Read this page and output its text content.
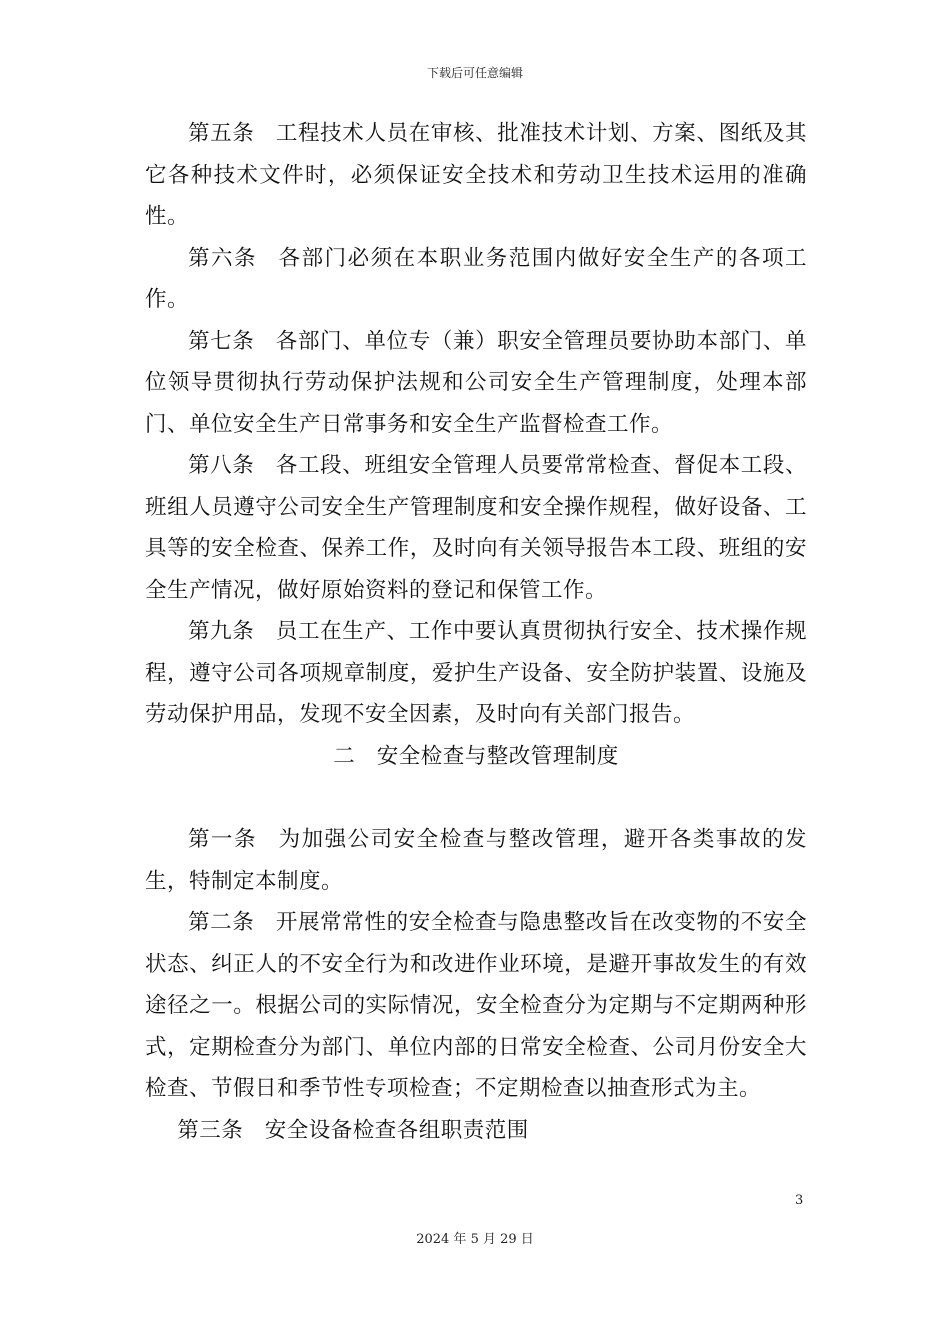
下载后可任意编辑

第五条 工程技术人员在审核、批准技术计划、方案、图纸及其它各种技术文件时，必须保证安全技术和劳动卫生技术运用的准确性。

第六条 各部门必须在本职业务范围内做好安全生产的各项工作。

第七条 各部门、单位专（兼）职安全管理员要协助本部门、单位领导贯彻执行劳动保护法规和公司安全生产管理制度，处理本部门、单位安全生产日常事务和安全生产监督检查工作。

第八条 各工段、班组安全管理人员要常常检查、督促本工段、班组人员遵守公司安全生产管理制度和安全操作规程，做好设备、工具等的安全检查、保养工作，及时向有关领导报告本工段、班组的安全生产情况，做好原始资料的登记和保管工作。

第九条 员工在生产、工作中要认真贯彻执行安全、技术操作规程，遵守公司各项规章制度，爱护生产设备、安全防护装置、设施及劳动保护用品，发现不安全因素，及时向有关部门报告。

二 安全检查与整改管理制度

第一条 为加强公司安全检查与整改管理，避开各类事故的发生，特制定本制度。

第二条 开展常常性的安全检查与隐患整改旨在改变物的不安全状态、纠正人的不安全行为和改进作业环境，是避开事故发生的有效途径之一。根据公司的实际情况，安全检查分为定期与不定期两种形式，定期检查分为部门、单位内部的日常安全检查、公司月份安全大检查、节假日和季节性专项检查；不定期检查以抽查形式为主。

第三条 安全设备检查各组职责范围

3
2024 年 5 月 29 日
